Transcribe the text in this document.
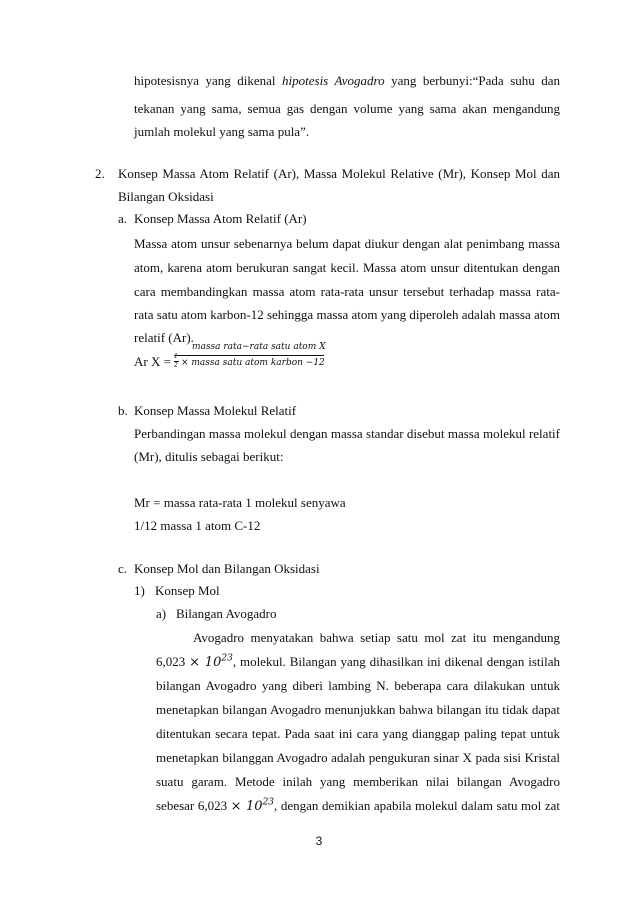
hipotesisnya yang dikenal hipotesis Avogadro yang berbunyi:“Pada suhu dan
tekanan yang sama, semua gas dengan volume yang sama akan mengandung
jumlah molekul yang sama pula”.
2. Konsep Massa Atom Relatif (Ar), Massa Molekul Relative (Mr), Konsep Mol dan
Bilangan Oksidasi
a. Konsep Massa Atom Relatif (Ar)
Massa atom unsur sebenarnya belum dapat diukur dengan alat penimbang massa
atom, karena atom berukuran sangat kecil. Massa atom unsur ditentukan dengan
cara membandingkan massa atom rata-rata unsur tersebut terhadap massa rata-
rata satu atom karbon-12 sehingga massa atom yang diperoleh adalah massa atom
relatif (Ar).
Ar X =
massa rata−rata satu atom X
1
2 × massa satu atom karbon −12
b. Konsep Massa Molekul Relatif
Perbandingan massa molekul dengan massa standar disebut massa molekul relatif
(Mr), ditulis sebagai berikut:
Mr = massa rata-rata 1 molekul senyawa
1/12 massa 1 atom C-12
c. Konsep Mol dan Bilangan Oksidasi
1) Konsep Mol
a) Bilangan Avogadro
Avogadro menyatakan bahwa setiap satu mol zat itu mengandung
$6,023 \times 10^{23}$, molekul. Bilangan yang dihasilkan ini dikenal dengan istilah
bilangan Avogadro yang diberi lambing N. beberapa cara dilakukan untuk
menetapkan bilangan Avogadro menunjukkan bahwa bilangan itu tidak dapat
ditentukan secara tepat. Pada saat ini cara yang dianggap paling tepat untuk
menetapkan bilanggan Avogadro adalah pengukuran sinar X pada sisi Kristal
suatu garam. Metode inilah yang memberikan nilai bilangan Avogadro
sebesar $6,023 \times 10^{23}$, dengan demikian apabila molekul dalam satu mol zat
3
